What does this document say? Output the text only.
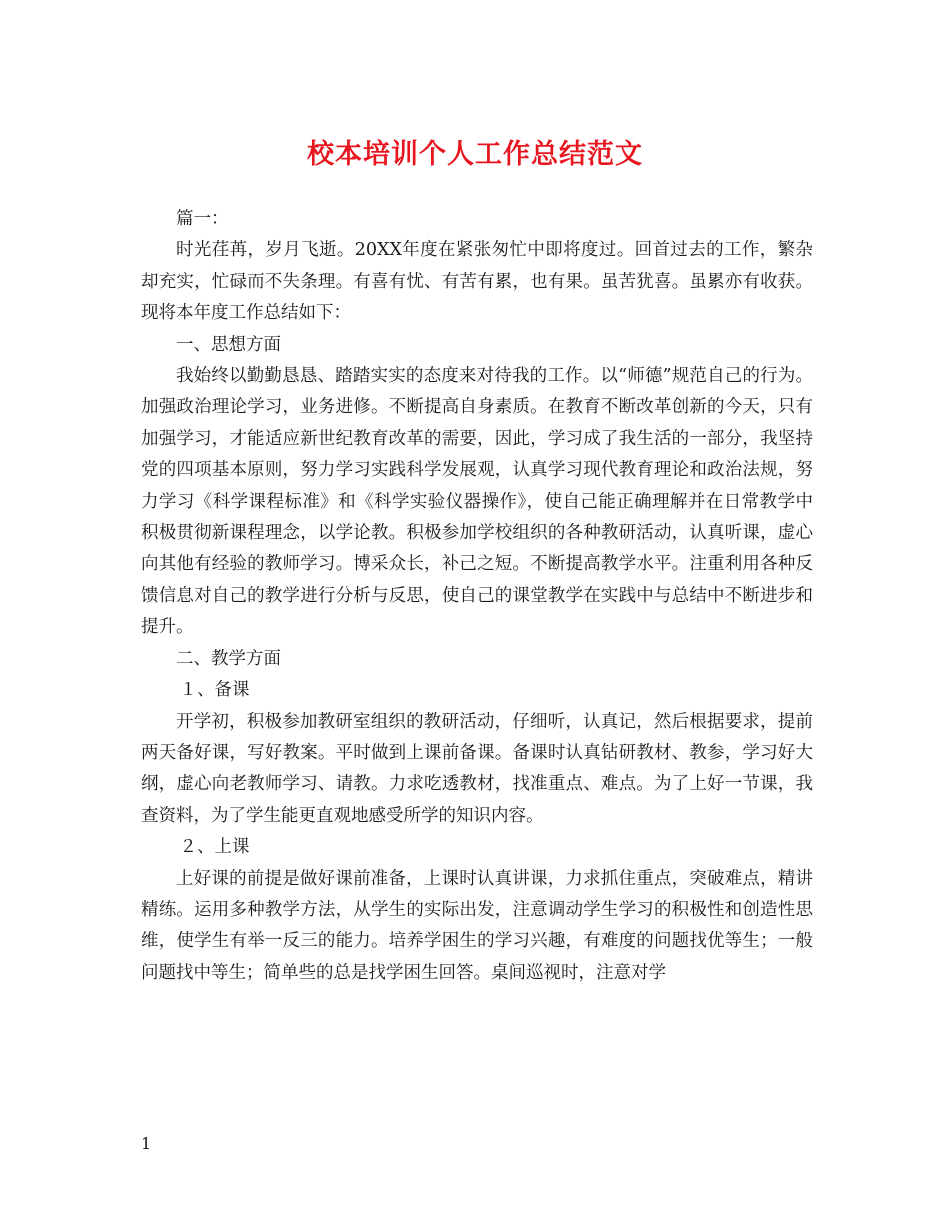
校本培训个人工作总结范文

篇一：

时光荏苒，岁月飞逝。20XX年度在紧张匆忙中即将度过。回首过去的工作，繁杂却充实，忙碌而不失条理。有喜有忧、有苦有累，也有果。虽苦犹喜。虽累亦有收获。现将本年度工作总结如下：

一、思想方面

我始终以勤勤恳恳、踏踏实实的态度来对待我的工作。以“师德”规范自己的行为。加强政治理论学习，业务进修。不断提高自身素质。在教育不断改革创新的今天，只有加强学习，才能适应新世纪教育改革的需要，因此，学习成了我生活的一部分，我坚持党的四项基本原则，努力学习实践科学发展观，认真学习现代教育理论和政治法规，努力学习《科学课程标准》和《科学实验仪器操作》，使自己能正确理解并在日常教学中积极贯彻新课程理念，以学论教。积极参加学校组织的各种教研活动，认真听课，虚心向其他有经验的教师学习。博采众长，补己之短。不断提高教学水平。注重利用各种反馈信息对自己的教学进行分析与反思，使自己的课堂教学在实践中与总结中不断进步和提升。

二、教学方面

１、备课

开学初，积极参加教研室组织的教研活动，仔细听，认真记，然后根据要求，提前两天备好课，写好教案。平时做到上课前备课。备课时认真钻研教材、教参，学习好大纲，虚心向老教师学习、请教。力求吃透教材，找准重点、难点。为了上好一节课，我查资料，为了学生能更直观地感受所学的知识内容。

２、上课

上好课的前提是做好课前准备，上课时认真讲课，力求抓住重点，突破难点，精讲精练。运用多种教学方法，从学生的实际出发，注意调动学生学习的积极性和创造性思维，使学生有举一反三的能力。培养学困生的学习兴趣，有难度的问题找优等生；一般问题找中等生；简单些的总是找学困生回答。桌间巡视时，注意对学

1
